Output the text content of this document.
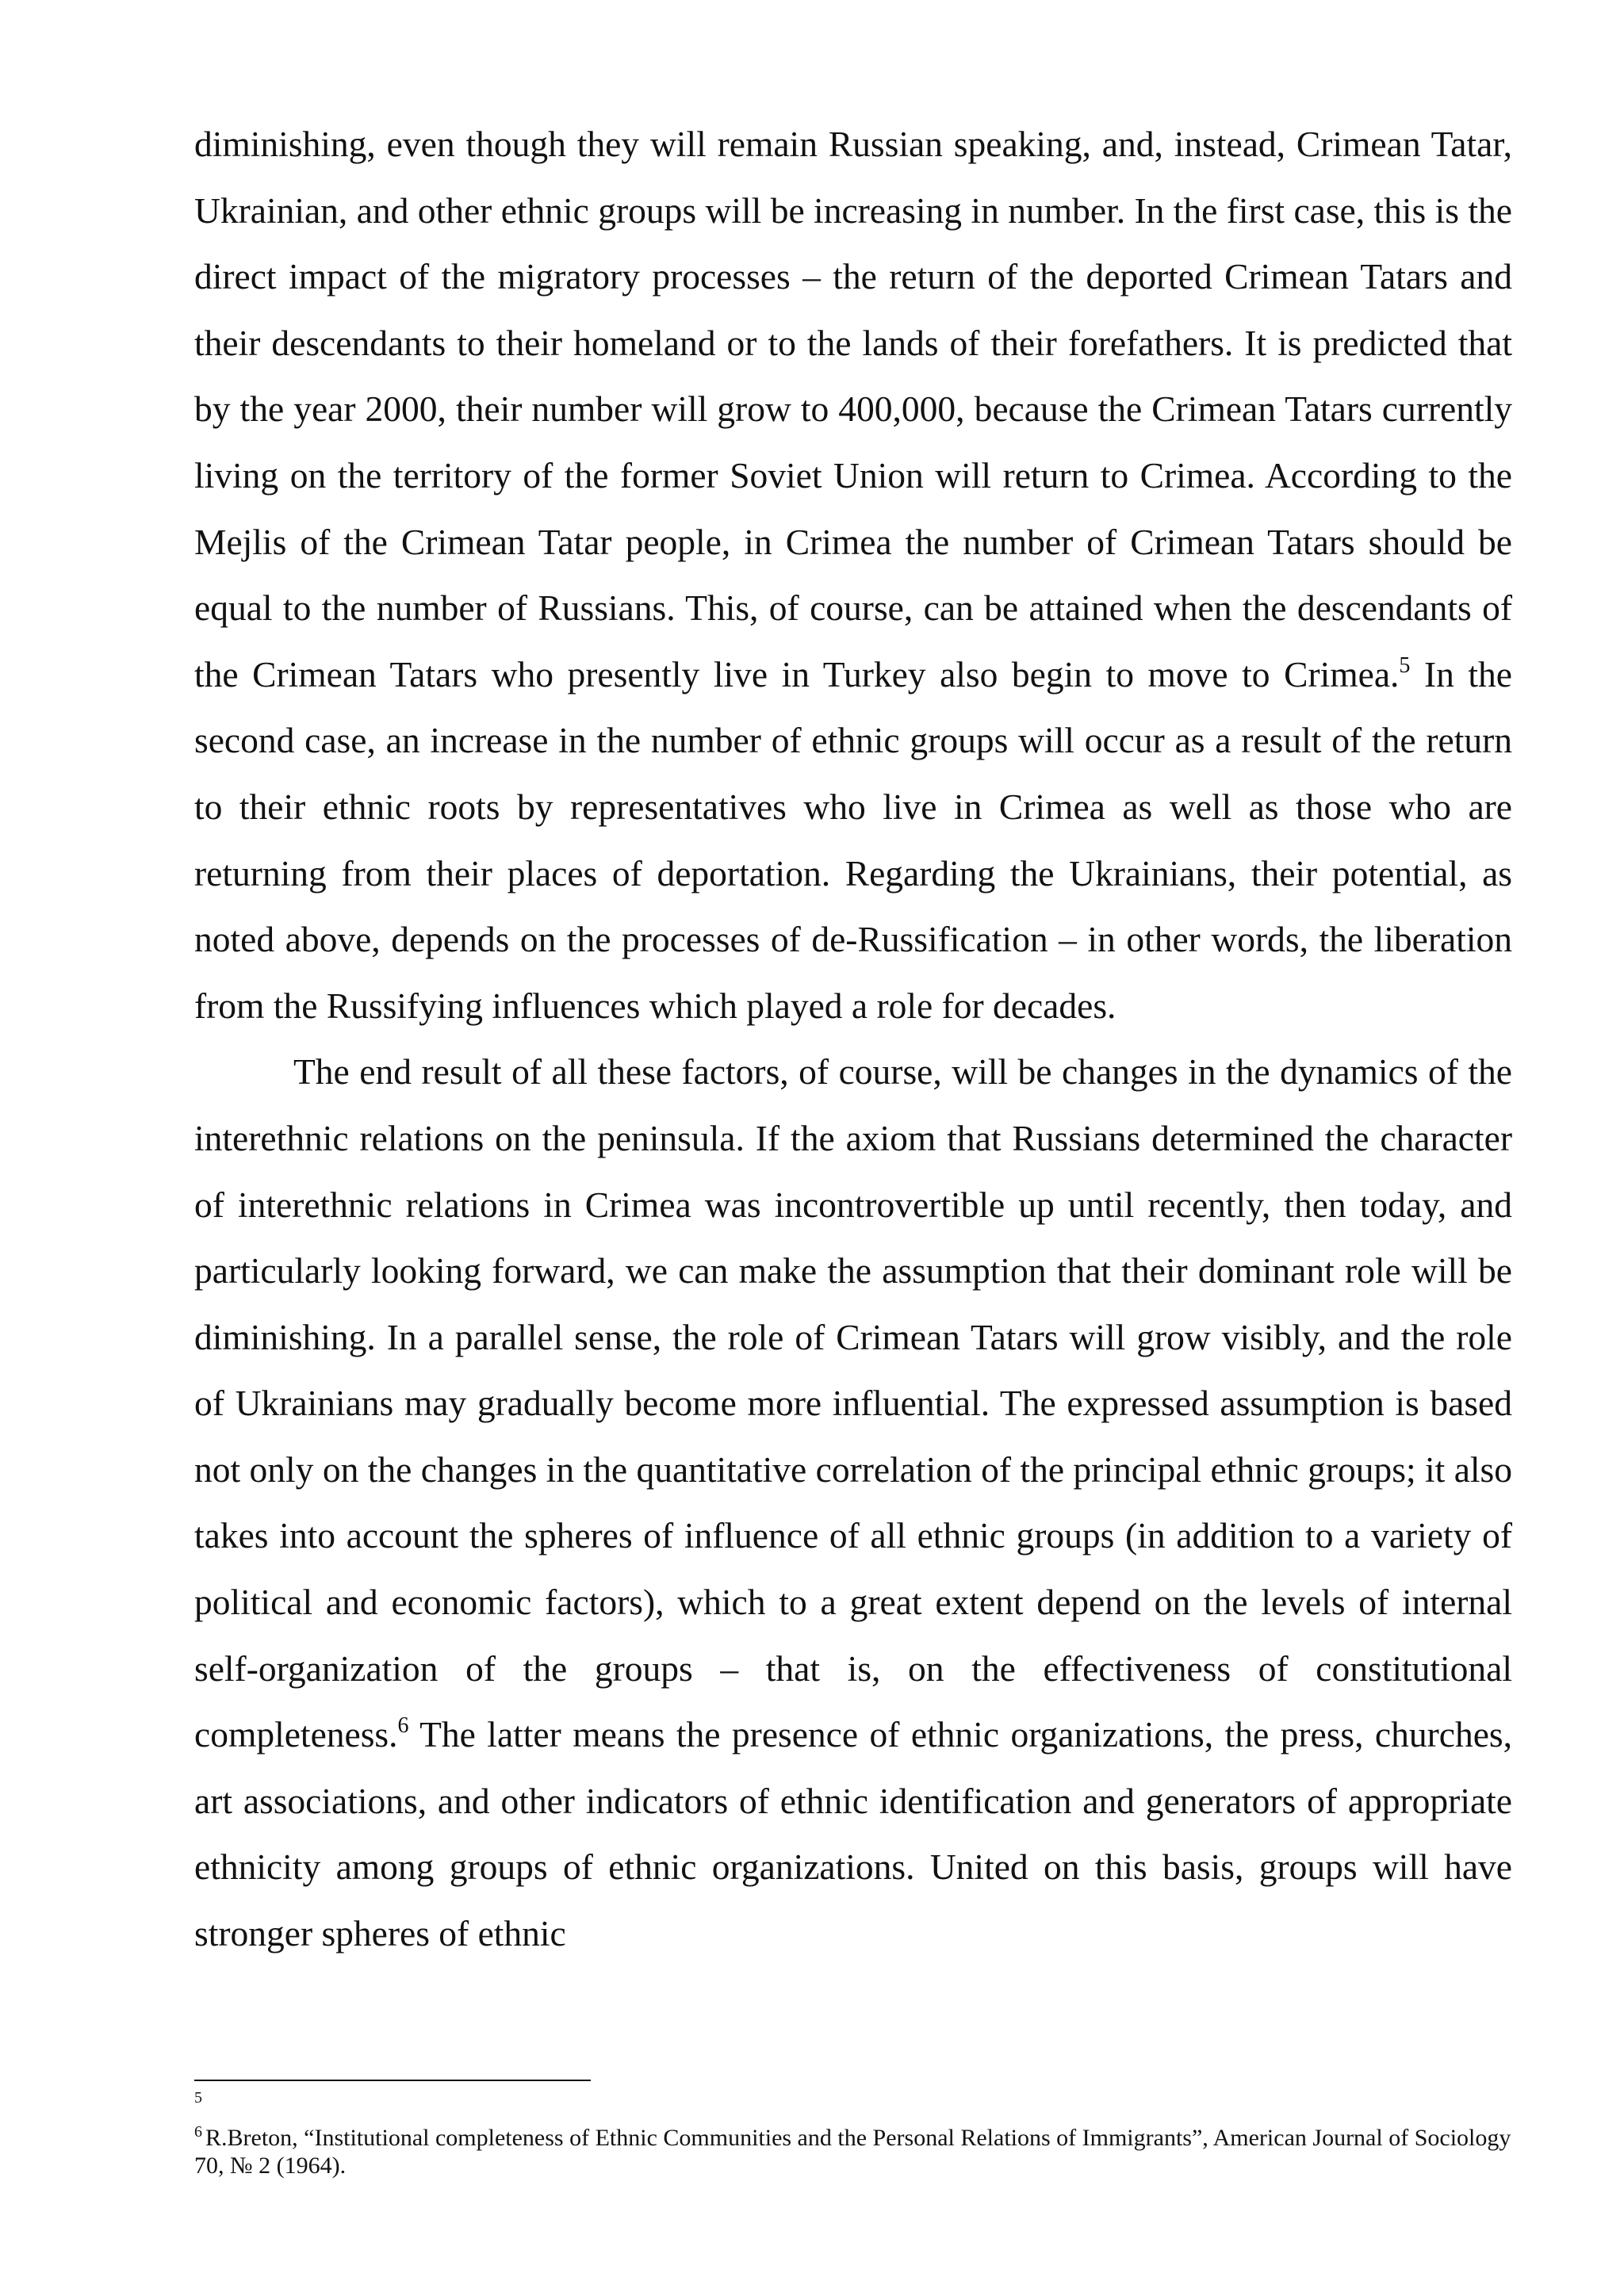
diminishing, even though they will remain Russian speaking, and, instead, Crimean Tatar, Ukrainian, and other ethnic groups will be increasing in number. In the first case, this is the direct impact of the migratory processes – the return of the deported Crimean Tatars and their descendants to their homeland or to the lands of their forefathers. It is predicted that by the year 2000, their number will grow to 400,000, because the Crimean Tatars currently living on the territory of the former Soviet Union will return to Crimea. According to the Mejlis of the Crimean Tatar people, in Crimea the number of Crimean Tatars should be equal to the number of Russians. This, of course, can be attained when the descendants of the Crimean Tatars who presently live in Turkey also begin to move to Crimea.$^5$ In the second case, an increase in the number of ethnic groups will occur as a result of the return to their ethnic roots by representatives who live in Crimea as well as those who are returning from their places of deportation. Regarding the Ukrainians, their potential, as noted above, depends on the processes of de-Russification – in other words, the liberation from the Russifying influences which played a role for decades.

The end result of all these factors, of course, will be changes in the dynamics of the interethnic relations on the peninsula. If the axiom that Russians determined the character of interethnic relations in Crimea was incontrovertible up until recently, then today, and particularly looking forward, we can make the assumption that their dominant role will be diminishing. In a parallel sense, the role of Crimean Tatars will grow visibly, and the role of Ukrainians may gradually become more influential. The expressed assumption is based not only on the changes in the quantitative correlation of the principal ethnic groups; it also takes into account the spheres of influence of all ethnic groups (in addition to a variety of political and economic factors), which to a great extent depend on the levels of internal self-organization of the groups – that is, on the effectiveness of constitutional completeness.$^6$ The latter means the presence of ethnic organizations, the press, churches, art associations, and other indicators of ethnic identification and generators of appropriate ethnicity among groups of ethnic organizations. United on this basis, groups will have stronger spheres of ethnic

$^5$

$^6$ R.Breton, “Institutional completeness of Ethnic Communities and the Personal Relations of Immigrants”, American Journal of Sociology 70, № 2 (1964).
